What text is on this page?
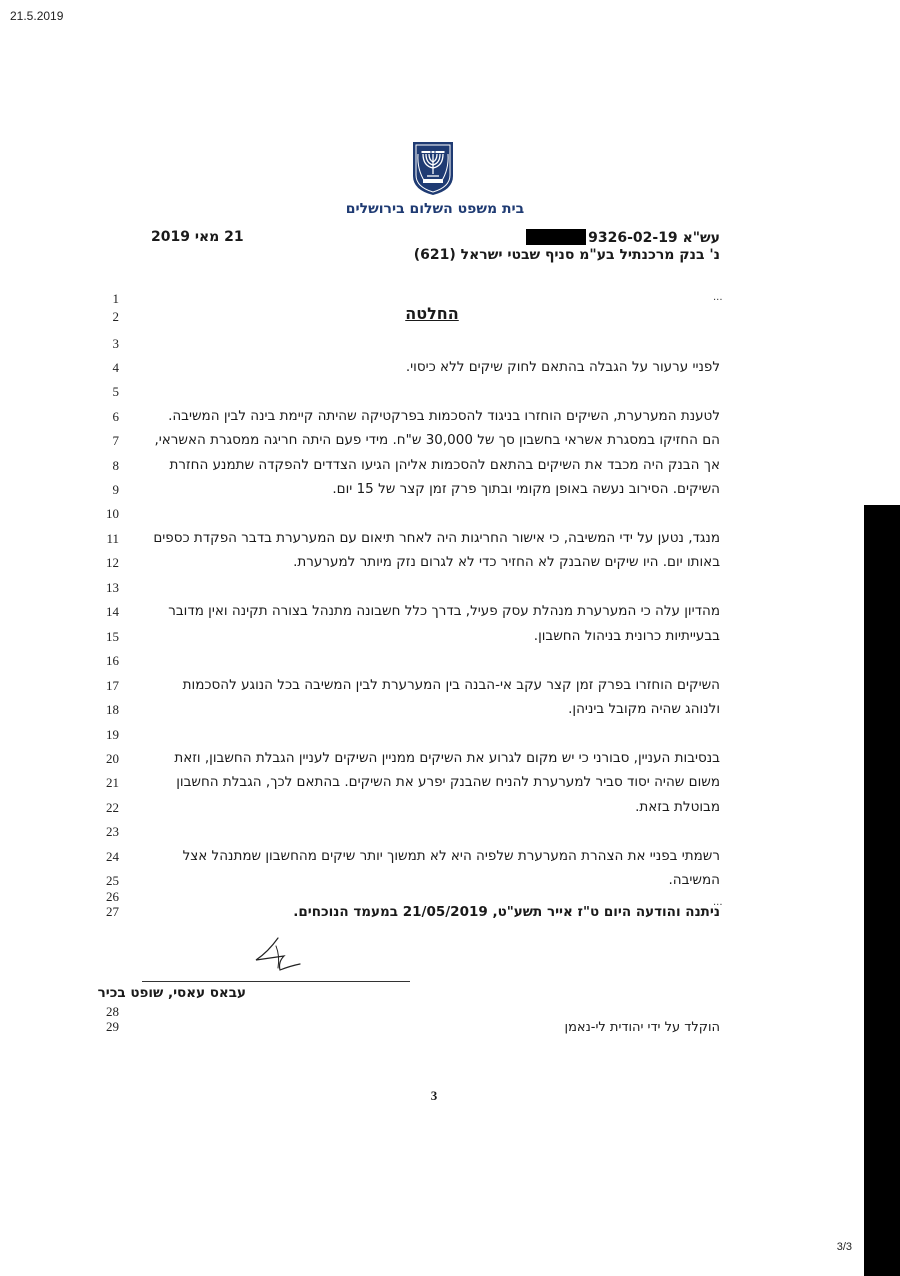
21.5.2019
בית משפט השלום בירושלים
עש"א 9326-02-19
נ' בנק מרכנתיל בע"מ סניף שבטי ישראל (621)
21 מאי 2019
...
...
1
2
3
4
5
6
7
8
9
10
11
12
13
14
15
16
17
18
19
20
21
22
23
24
25
26
27
28
29
החלטה
לפניי ערעור על הגבלה בהתאם לחוק שיקים ללא כיסוי.
לטענת המערערת, השיקים הוחזרו בניגוד להסכמות בפרקטיקה שהיתה קיימת בינה לבין המשיבה.
הם החזיקו במסגרת אשראי בחשבון סך של 30,000 ש"ח. מידי פעם היתה חריגה ממסגרת האשראי,
אך הבנק היה מכבד את השיקים בהתאם להסכמות אליהן הגיעו הצדדים להפקדה שתמנע החזרת
השיקים. הסירוב נעשה באופן מקומי ובתוך פרק זמן קצר של 15 יום.
מנגד, נטען על ידי המשיבה, כי אישור החריגות היה לאחר תיאום עם המערערת בדבר הפקדת כספים
באותו יום. היו שיקים שהבנק לא החזיר כדי לא לגרום נזק מיותר למערערת.
מהדיון עלה כי המערערת מנהלת עסק פעיל, בדרך כלל חשבונה מתנהל בצורה תקינה ואין מדובר
בבעייתיות כרונית בניהול החשבון.
השיקים הוחזרו בפרק זמן קצר עקב אי-הבנה בין המערערת לבין המשיבה בכל הנוגע להסכמות
ולנוהג שהיה מקובל ביניהן.
בנסיבות העניין, סבורני כי יש מקום לגרוע את השיקים ממניין השיקים לעניין הגבלת החשבון, וזאת
משום שהיה יסוד סביר למערערת להניח שהבנק יפרע את השיקים. בהתאם לכך, הגבלת החשבון
מבוטלת בזאת.
רשמתי בפניי את הצהרת המערערת שלפיה היא לא תמשוך יותר שיקים מהחשבון שמתנהל אצל
המשיבה.
ניתנה והודעה היום ט"ז אייר תשע"ט, 21/05/2019 במעמד הנוכחים.
עבאס עאסי, שופט בכיר
הוקלד על ידי יהודית לי-נאמן
3
3/3
